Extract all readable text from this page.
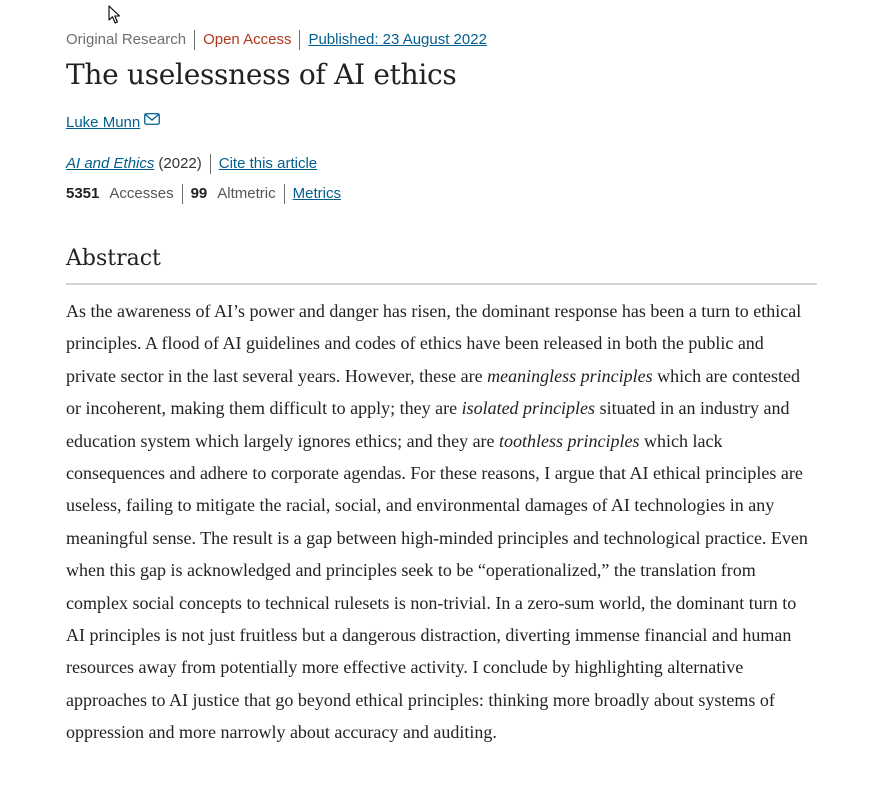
Original Research Open Access Published: 23 August 2022
The uselessness of AI ethics
Luke Munn
AI and Ethics (2022) Cite this article
5351 Accesses 99 Altmetric Metrics
Abstract

As the awareness of AI’s power and danger has risen, the dominant response has been a turn to ethical principles. A flood of AI guidelines and codes of ethics have been released in both the public and private sector in the last several years. However, these are meaningless principles which are contested or incoherent, making them difficult to apply; they are isolated principles situated in an industry and education system which largely ignores ethics; and they are toothless principles which lack consequences and adhere to corporate agendas. For these reasons, I argue that AI ethical principles are useless, failing to mitigate the racial, social, and environmental damages of AI technologies in any meaningful sense. The result is a gap between high-minded principles and technological practice. Even when this gap is acknowledged and principles seek to be “operationalized,” the translation from complex social concepts to technical rulesets is non-trivial. In a zero-sum world, the dominant turn to AI principles is not just fruitless but a dangerous distraction, diverting immense financial and human resources away from potentially more effective activity. I conclude by highlighting alternative approaches to AI justice that go beyond ethical principles: thinking more broadly about systems of oppression and more narrowly about accuracy and auditing.
